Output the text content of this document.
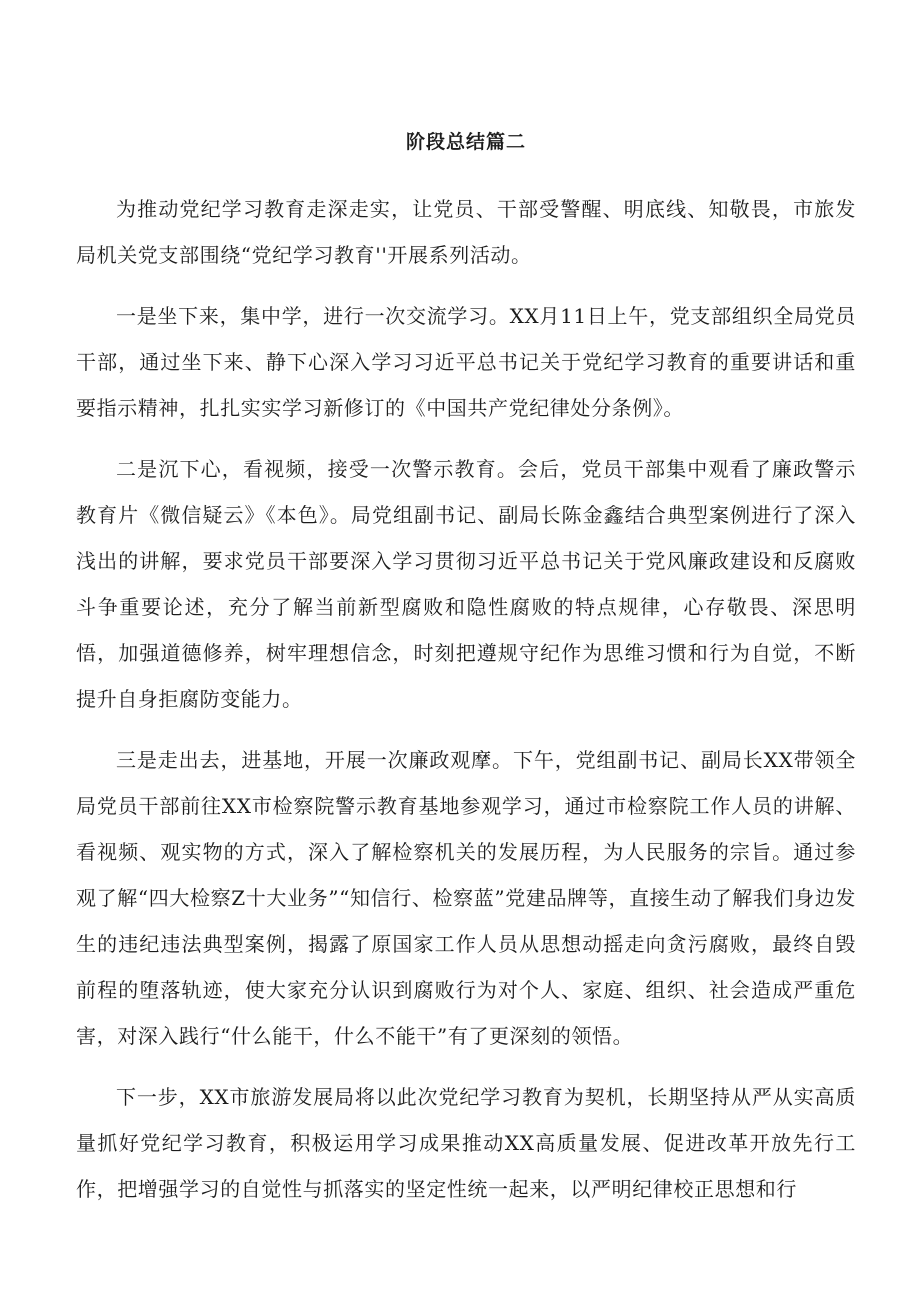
阶段总结篇二

为推动党纪学习教育走深走实，让党员、干部受警醒、明底线、知敬畏，市旅发局机关党支部围绕“党纪学习教育''开展系列活动。

一是坐下来，集中学，进行一次交流学习。XX月11日上午，党支部组织全局党员干部，通过坐下来、静下心深入学习习近平总书记关于党纪学习教育的重要讲话和重要指示精神，扎扎实实学习新修订的《中国共产党纪律处分条例》。

二是沉下心，看视频，接受一次警示教育。会后，党员干部集中观看了廉政警示教育片《微信疑云》《本色》。局党组副书记、副局长陈金鑫结合典型案例进行了深入浅出的讲解，要求党员干部要深入学习贯彻习近平总书记关于党风廉政建设和反腐败斗争重要论述，充分了解当前新型腐败和隐性腐败的特点规律，心存敬畏、深思明悟，加强道德修养，树牢理想信念，时刻把遵规守纪作为思维习惯和行为自觉，不断提升自身拒腐防变能力。

三是走出去，进基地，开展一次廉政观摩。下午，党组副书记、副局长XX带领全局党员干部前往XX市检察院警示教育基地参观学习，通过市检察院工作人员的讲解、看视频、观实物的方式，深入了解检察机关的发展历程，为人民服务的宗旨。通过参观了解“四大检察Z十大业务”“知信行、检察蓝”党建品牌等，直接生动了解我们身边发生的违纪违法典型案例，揭露了原国家工作人员从思想动摇走向贪污腐败，最终自毁前程的堕落轨迹，使大家充分认识到腐败行为对个人、家庭、组织、社会造成严重危害，对深入践行“什么能干，什么不能干”有了更深刻的领悟。

下一步，XX市旅游发展局将以此次党纪学习教育为契机，长期坚持从严从实高质量抓好党纪学习教育，积极运用学习成果推动XX高质量发展、促进改革开放先行工作，把增强学习的自觉性与抓落实的坚定性统一起来，以严明纪律校正思想和行
